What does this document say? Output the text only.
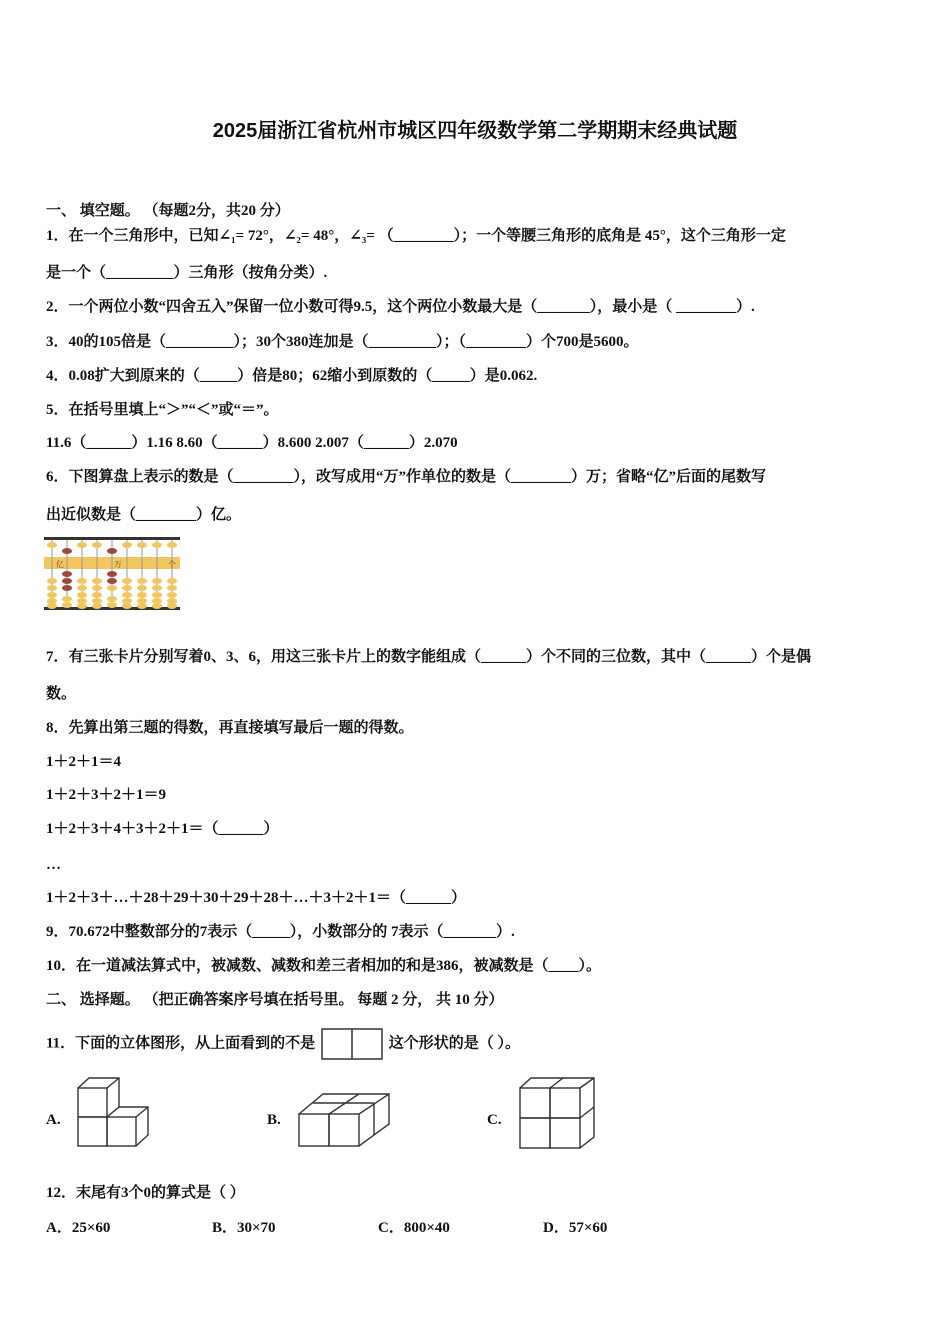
2025届浙江省杭州市城区四年级数学第二学期期末经典试题
一、 填空题。 （每题2分，共20 分）
1．在一个三角形中，已知∠₁= 72°，∠₂= 48°，∠₃= （________）；一个等腰三角形的底角是 45°，这个三角形一定
是一个（_________）三角形（按角分类）.
2．一个两位小数“四舍五入”保留一位小数可得9.5，这个两位小数最大是（_______），最小是（ ________）.
3．40的105倍是（_________）；30个380连加是（_________）；（________）个700是5600。
4．0.08扩大到原来的（_____）倍是80；62缩小到原数的（_____）是0.062.
5．在括号里填上“＞”“＜”或“＝”。
11.6（______）1.16 8.60（______）8.600 2.007（______）2.070
6．下图算盘上表示的数是（________），改写成用“万”作单位的数是（________）万；省略“亿”后面的尾数写
出近似数是（________）亿。
亿	万	个
7．有三张卡片分别写着0、3、6，用这三张卡片上的数字能组成（______）个不同的三位数，其中（______）个是偶
数。
8．先算出第三题的得数，再直接填写最后一题的得数。
1＋2＋1＝4
1＋2＋3＋2＋1＝9
1＋2＋3＋4＋3＋2＋1＝（______）
…
1＋2＋3＋…＋28＋29＋30＋29＋28＋…＋3＋2＋1＝（______）
9．70.672中整数部分的7表示（_____），小数部分的 7表示（_______）.
10．在一道减法算式中，被减数、减数和差三者相加的和是386，被减数是（____）。
二、 选择题。 （把正确答案序号填在括号里。 每题 2 分， 共 10 分）
11．下面的立体图形，从上面看到的不是	这个形状的是（ ）。
A.	B.	C.
12．末尾有3个0的算式是（ ）
A．25×60	B．30×70	C．800×40	D．57×60
